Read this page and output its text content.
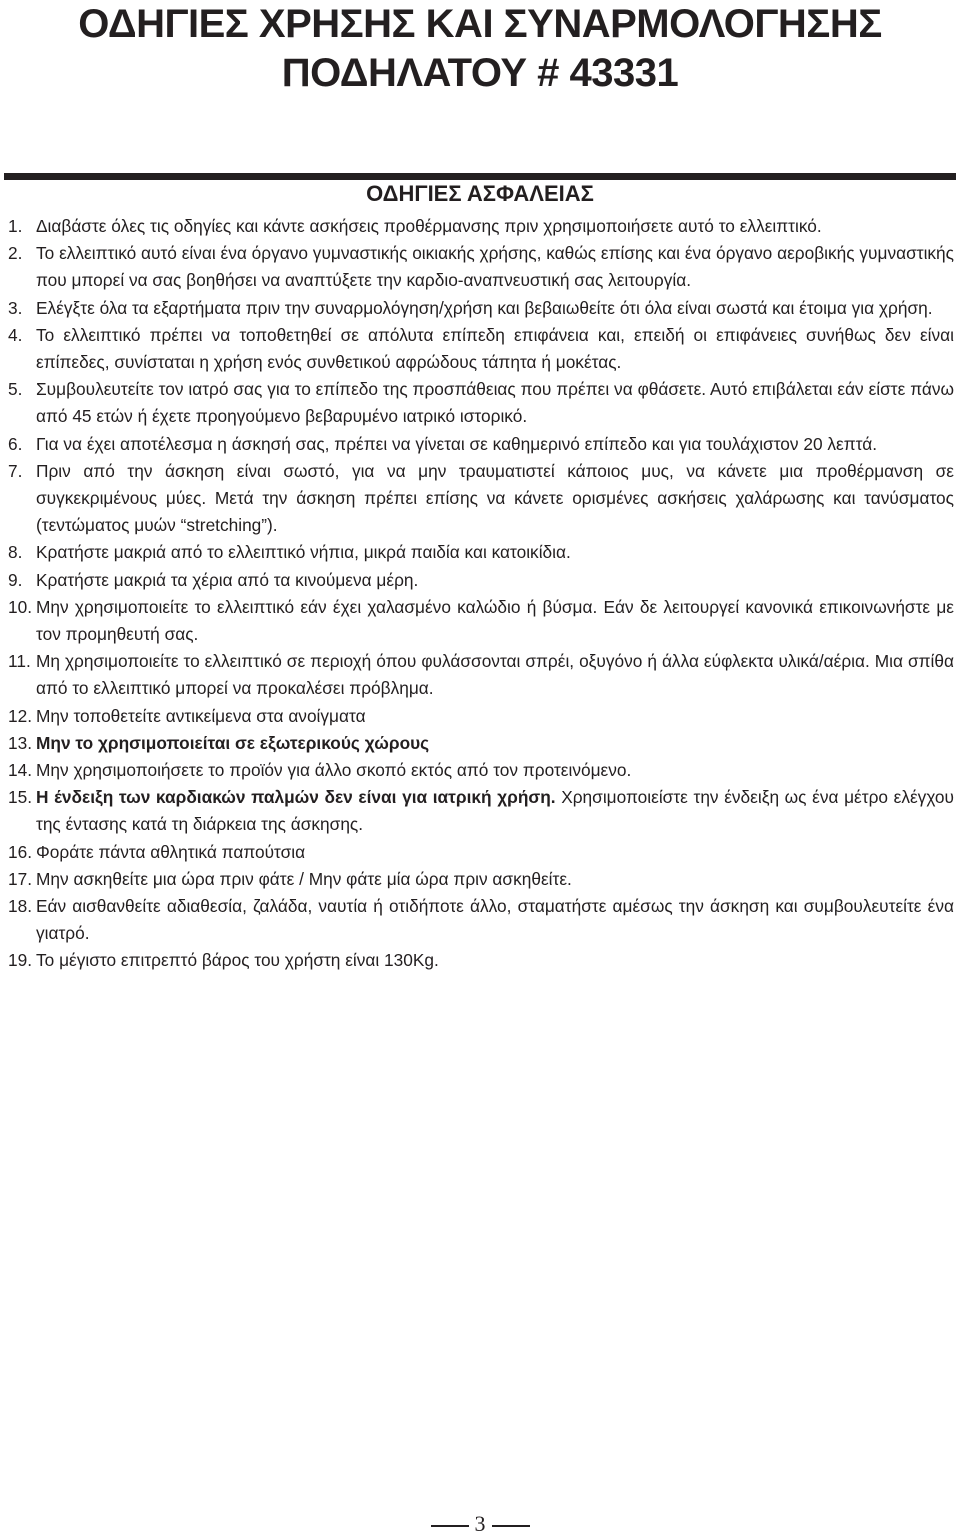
ΟΔΗΓΙΕΣ ΧΡΗΣΗΣ ΚΑΙ ΣΥΝΑΡΜΟΛΟΓΗΣΗΣ
ΠΟΔΗΛΑΤΟΥ # 43331
ΟΔΗΓΙΕΣ ΑΣΦΑΛΕΙΑΣ
1. Διαβάστε όλες τις οδηγίες και κάντε ασκήσεις προθέρμανσης πριν χρησιμοποιήσετε αυτό το ελλειπτικό.
2. Το ελλειπτικό αυτό είναι ένα όργανο γυμναστικής οικιακής χρήσης, καθώς επίσης και ένα όργανο αεροβικής γυμναστικής που μπορεί να σας βοηθήσει να αναπτύξετε την καρδιο-αναπνευστική σας λειτουργία.
3. Ελέγξτε όλα τα εξαρτήματα πριν την συναρμολόγηση/χρήση και βεβαιωθείτε ότι όλα είναι σωστά και έτοιμα για χρήση.
4. Το ελλειπτικό πρέπει να τοποθετηθεί σε απόλυτα επίπεδη επιφάνεια και, επειδή οι επιφάνειες συνήθως δεν είναι επίπεδες, συνίσταται η χρήση ενός συνθετικού αφρώδους τάπητα ή μοκέτας.
5. Συμβουλευτείτε τον ιατρό σας για το επίπεδο της προσπάθειας που πρέπει να φθάσετε. Αυτό επιβάλεται εάν είστε πάνω από 45 ετών ή έχετε προηγούμενο βεβαρυμένο ιατρικό ιστορικό.
6. Για να έχει αποτέλεσμα η άσκησή σας, πρέπει να γίνεται σε καθημερινό επίπεδο και για τουλάχιστον 20 λεπτά.
7. Πριν από την άσκηση είναι σωστό, για να μην τραυματιστεί κάποιος μυς, να κάνετε μια προθέρμανση σε συγκεκριμένους μύες. Μετά την άσκηση πρέπει επίσης να κάνετε ορισμένες ασκήσεις χαλάρωσης και τανύσματος (τεντώματος μυών “stretching”).
8. Κρατήστε μακριά από το ελλειπτικό νήπια, μικρά παιδία και κατοικίδια.
9. Κρατήστε μακριά τα χέρια από τα κινούμενα μέρη.
10. Μην χρησιμοποιείτε το ελλειπτικό εάν έχει χαλασμένο καλώδιο ή βύσμα. Εάν δε λειτουργεί κανονικά επικοινωνήστε με τον προμηθευτή σας.
11. Μη χρησιμοποιείτε το ελλειπτικό σε περιοχή όπου φυλάσσονται σπρέι, οξυγόνο ή άλλα εύφλεκτα υλικά/αέρια. Μια σπίθα από το ελλειπτικό μπορεί να προκαλέσει πρόβλημα.
12. Μην τοποθετείτε αντικείμενα στα ανοίγματα
13. Μην το χρησιμοποιείται σε εξωτερικούς χώρους
14. Μην χρησιμοποιήσετε το προϊόν για άλλο σκοπό εκτός από τον προτεινόμενο.
15. Η ένδειξη των καρδιακών παλμών δεν είναι για ιατρική χρήση. Χρησιμοποιείστε την ένδειξη ως ένα μέτρο ελέγχου της έντασης κατά τη διάρκεια της άσκησης.
16. Φοράτε πάντα αθλητικά παπούτσια
17. Μην ασκηθείτε μια ώρα πριν φάτε / Μην φάτε μία ώρα πριν ασκηθείτε.
18. Εάν αισθανθείτε αδιαθεσία, ζαλάδα, ναυτία ή οτιδήποτε άλλο, σταματήστε αμέσως την άσκηση και συμβουλευτείτε ένα γιατρό.
19. Το μέγιστο επιτρεπτό βάρος του χρήστη είναι 130Kg.
3
